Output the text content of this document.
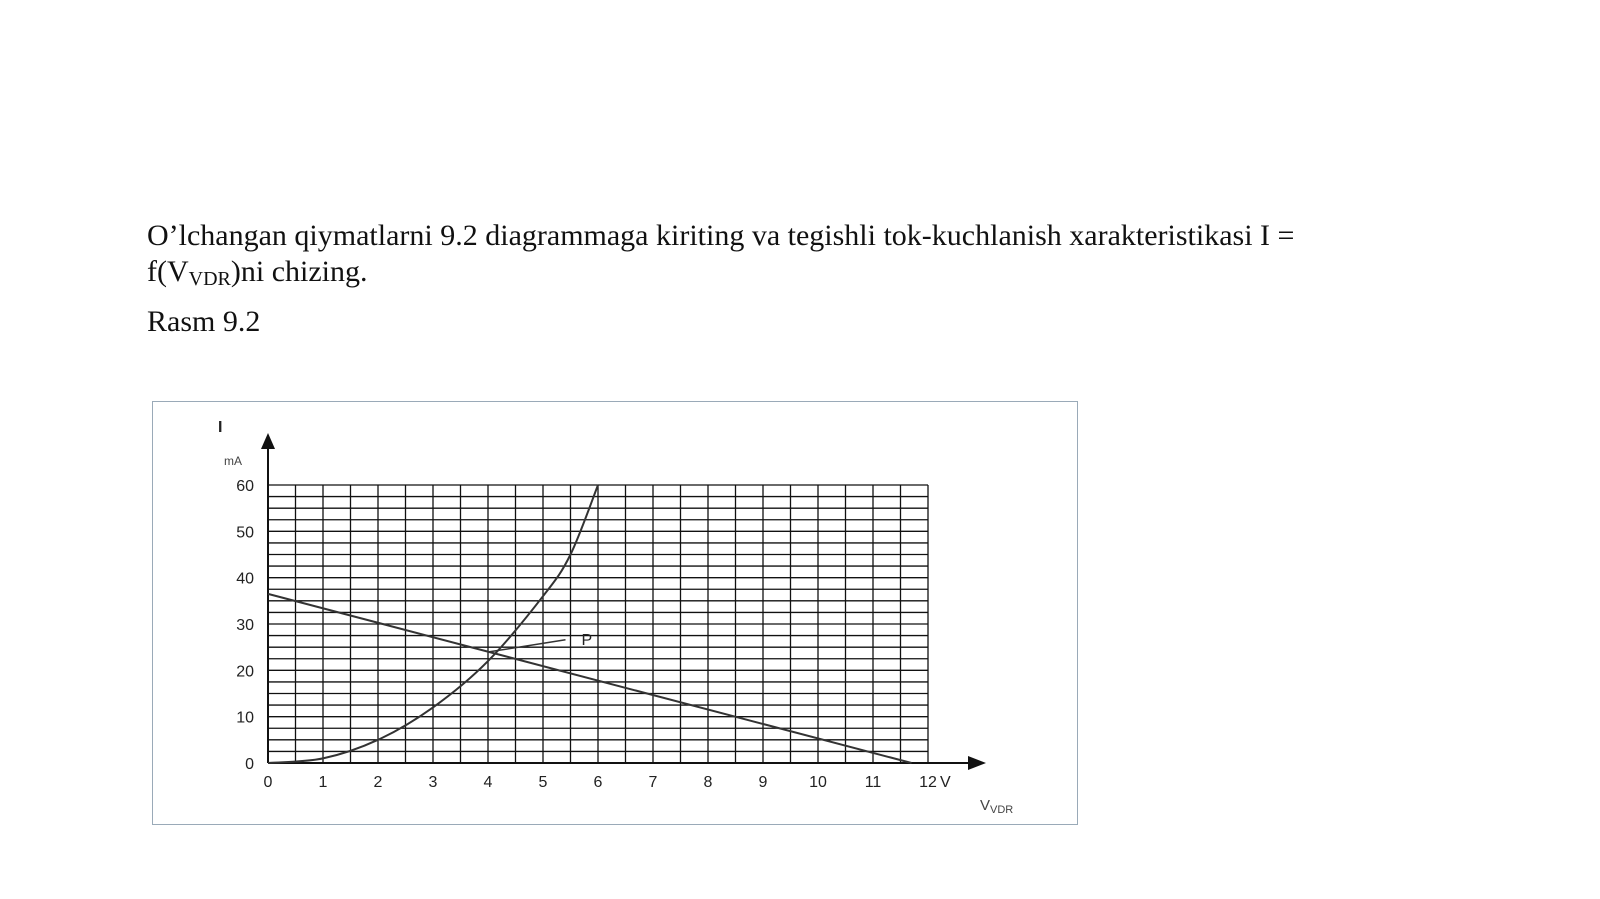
O’lchangan qiymatlarni 9.2 diagrammaga kiriting va tegishli tok-kuchlanish xarakteristikasi I =
$f(V_{VDR})ni$ chizing.
Rasm 9.2
0	1	2	3	4	5	6	7	8	9	10 11 12
0
10
20
30
40
50
60
I
mA
V
$V_{VDR}$
P
